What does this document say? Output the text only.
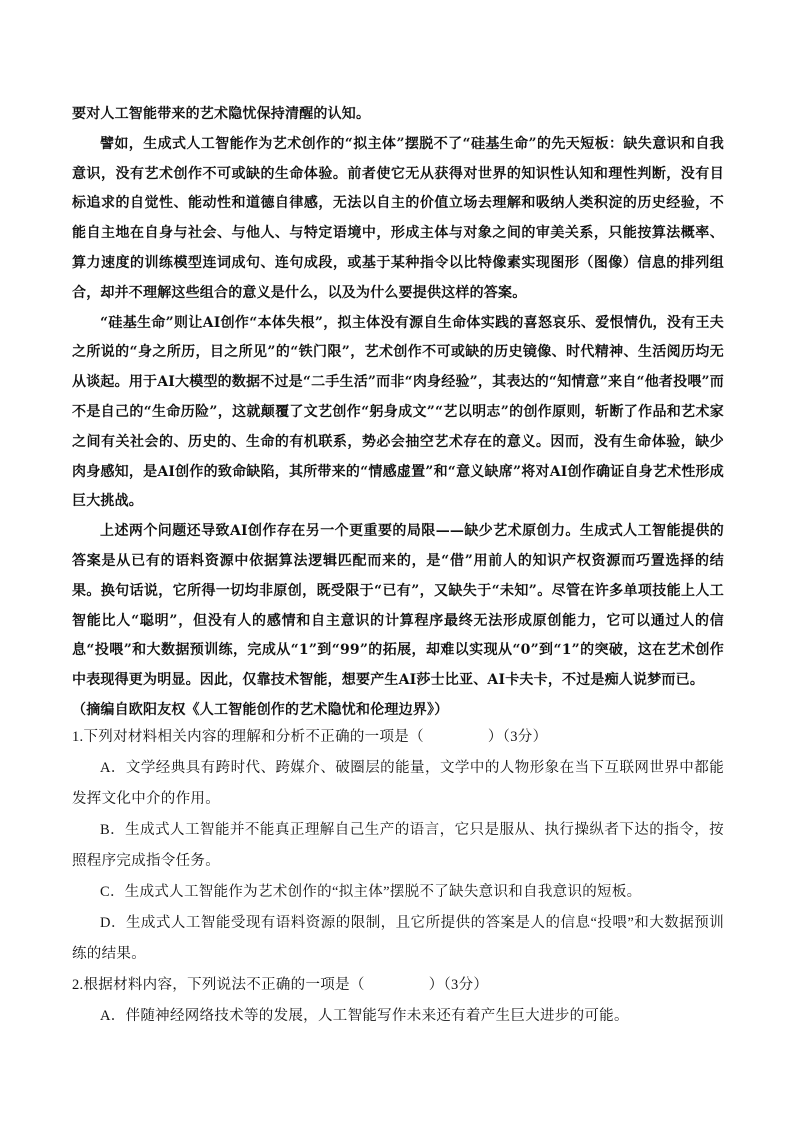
要对人工智能带来的艺术隐忧保持清醒的认知。

譬如，生成式人工智能作为艺术创作的“拟主体”摆脱不了“硅基生命”的先天短板：缺失意识和自我意识，没有艺术创作不可或缺的生命体验。前者使它无从获得对世界的知识性认知和理性判断，没有目标追求的自觉性、能动性和道德自律感，无法以自主的价值立场去理解和吸纳人类积淀的历史经验，不能自主地在自身与社会、与他人、与特定语境中，形成主体与对象之间的审美关系，只能按算法概率、算力速度的训练模型连词成句、连句成段，或基于某种指令以比特像素实现图形（图像）信息的排列组合，却并不理解这些组合的意义是什么，以及为什么要提供这样的答案。

“硅基生命”则让AI创作“本体失根”，拟主体没有源自生命体实践的喜怒哀乐、爱恨情仇，没有王夫之所说的“身之所历，目之所见”的“铁门限”，艺术创作不可或缺的历史镜像、时代精神、生活阅历均无从谈起。用于AI大模型的数据不过是“二手生活”而非“肉身经验”，其表达的“知情意”来自“他者投喂”而不是自己的“生命历险”，这就颠覆了文艺创作“躬身成文”“艺以明志”的创作原则，斩断了作品和艺术家之间有关社会的、历史的、生命的有机联系，势必会抽空艺术存在的意义。因而，没有生命体验，缺少肉身感知，是AI创作的致命缺陷，其所带来的“情感虚置”和“意义缺席”将对AI创作确证自身艺术性形成巨大挑战。

上述两个问题还导致AI创作存在另一个更重要的局限——缺少艺术原创力。生成式人工智能提供的答案是从已有的语料资源中依据算法逻辑匹配而来的，是“借”用前人的知识产权资源而巧置选择的结果。换句话说，它所得一切均非原创，既受限于“已有”，又缺失于“未知”。尽管在许多单项技能上人工智能比人“聪明”，但没有人的感情和自主意识的计算程序最终无法形成原创能力，它可以通过人的信息“投喂”和大数据预训练，完成从“1”到“99”的拓展，却难以实现从“0”到“1”的突破，这在艺术创作中表现得更为明显。因此，仅靠技术智能，想要产生AI莎士比亚、AI卡夫卡，不过是痴人说梦而已。

（摘编自欧阳友权《人工智能创作的艺术隐忧和伦理边界》）

1.下列对材料相关内容的理解和分析不正确的一项是（	）（3分）

A．文学经典具有跨时代、跨媒介、破圈层的能量，文学中的人物形象在当下互联网世界中都能发挥文化中介的作用。

B．生成式人工智能并不能真正理解自己生产的语言，它只是服从、执行操纵者下达的指令，按照程序完成指令任务。

C．生成式人工智能作为艺术创作的“拟主体”摆脱不了缺失意识和自我意识的短板。

D．生成式人工智能受现有语料资源的限制，且它所提供的答案是人的信息“投喂”和大数据预训练的结果。

2.根据材料内容，下列说法不正确的一项是（	）（3分）

A．伴随神经网络技术等的发展，人工智能写作未来还有着产生巨大进步的可能。
